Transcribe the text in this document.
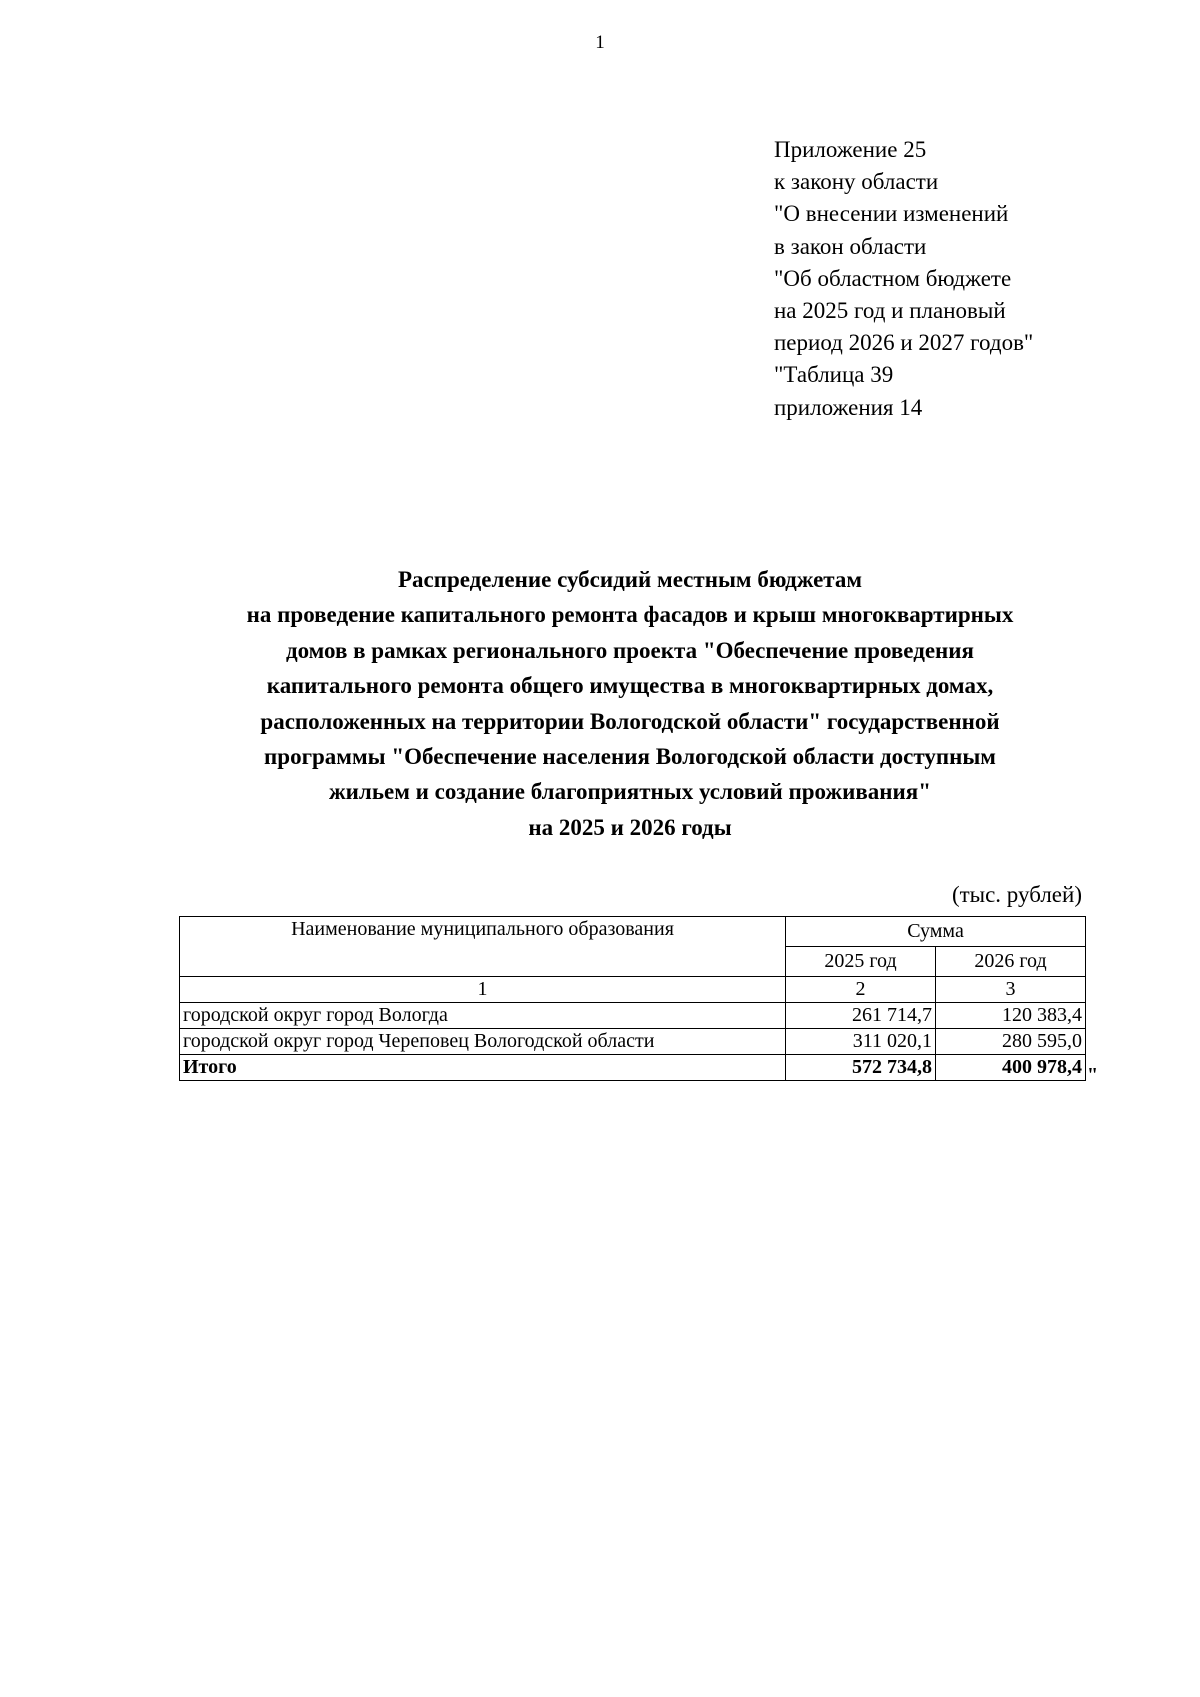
1
Приложение 25
к закону области
"О внесении изменений
в закон области
"Об областном бюджете
на 2025 год и плановый
период 2026 и 2027 годов"
"Таблица 39
приложения 14
Распределение субсидий местным бюджетам
на проведение капитального ремонта фасадов и крыш многоквартирных
домов в рамках регионального проекта "Обеспечение проведения
капитального ремонта общего имущества в многоквартирных домах,
расположенных на территории Вологодской области" государственной
программы "Обеспечение населения Вологодской области доступным
жильем и создание благоприятных условий проживания"
на 2025 и 2026 годы
(тыс. рублей)
Наименование муниципального образования	Сумма	
	2025 год	2026 год
1	2	3
городской округ город Вологда	261 714,7	120 383,4
городской округ город Череповец Вологодской области	311 020,1	280 595,0
Итого	572 734,8	400 978,4 "
